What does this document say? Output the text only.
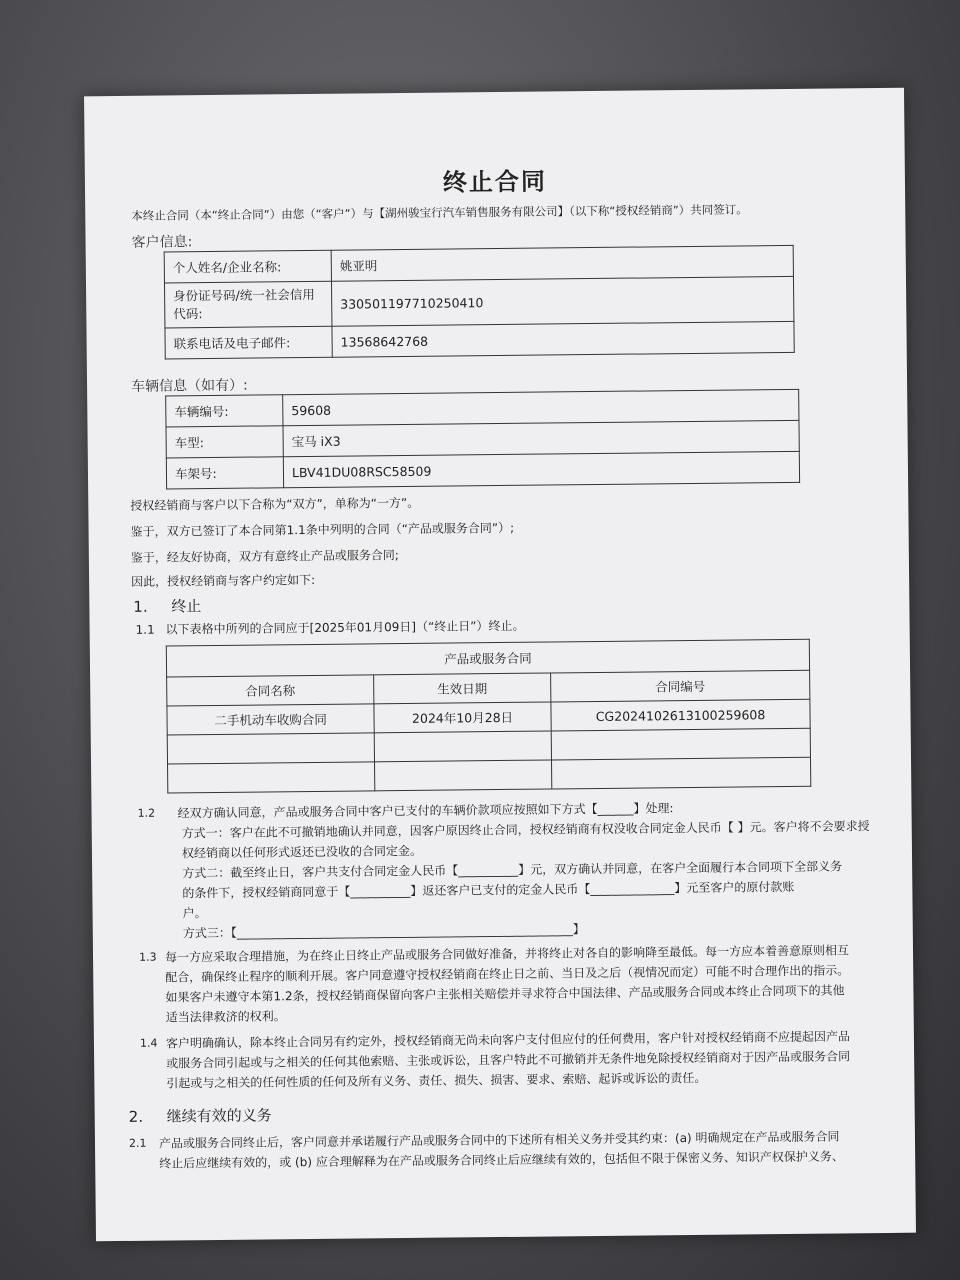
终止合同
本终止合同（本“终止合同”）由您（“客户”）与【湖州骏宝行汽车销售服务有限公司】（以下称“授权经销商”）共同签订。
客户信息:
个人姓名/企业名称:	姚亚明
身份证号码/统一社会信用代码:	330501197710250410
联系电话及电子邮件:	13568642768
车辆信息（如有）:
车辆编号:	59608
车型:	宝马 iX3
车架号:	LBV41DU08RSC58509
授权经销商与客户以下合称为“双方”，单称为“一方”。
鉴于，双方已签订了本合同第1.1条中列明的合同（“产品或服务合同”）;
鉴于，经友好协商，双方有意终止产品或服务合同;
因此，授权经销商与客户约定如下:
1. 终止
1.1 以下表格中所列的合同应于[2025年01月09日]（“终止日”）终止。
产品或服务合同		
合同名称	生效日期	合同编号
二手机动车收购合同	2024年10月28日	CG2024102613100259608

1.2 经双方确认同意，产品或服务合同中客户已支付的车辆价款项应按照如下方式【______】处理:
方式一：客户在此不可撤销地确认并同意，因客户原因终止合同，授权经销商有权没收合同定金人民币【 】元。客户将不会要求授
权经销商以任何形式返还已没收的合同定金。
方式二：截至终止日，客户共支付合同定金人民币【__________】元，双方确认并同意，在客户全面履行本合同项下全部义务
的条件下，授权经销商同意于【__________】返还客户已支付的定金人民币【______________】元至客户的原付款账
户。
方式三：【________________________________________________________】
1.3 每一方应采取合理措施，为在终止日终止产品或服务合同做好准备，并将终止对各自的影响降至最低。每一方应本着善意原则相互
配合，确保终止程序的顺利开展。客户同意遵守授权经销商在终止日之前、当日及之后（视情况而定）可能不时合理作出的指示。
如果客户未遵守本第1.2条，授权经销商保留向客户主张相关赔偿并寻求符合中国法律、产品或服务合同或本终止合同项下的其他
适当法律救济的权利。
1.4 客户明确确认，除本终止合同另有约定外，授权经销商无尚未向客户支付但应付的任何费用，客户针对授权经销商不应提起因产品
或服务合同引起或与之相关的任何其他索赔、主张或诉讼，且客户特此不可撤销并无条件地免除授权经销商对于因产品或服务合同
引起或与之相关的任何性质的任何及所有义务、责任、损失、损害、要求、索赔、起诉或诉讼的责任。
2. 继续有效的义务
2.1 产品或服务合同终止后，客户同意并承诺履行产品或服务合同中的下述所有相关义务并受其约束：(a) 明确规定在产品或服务合同
终止后应继续有效的，或 (b) 应合理解释为在产品或服务合同终止后应继续有效的，包括但不限于保密义务、知识产权保护义务、
